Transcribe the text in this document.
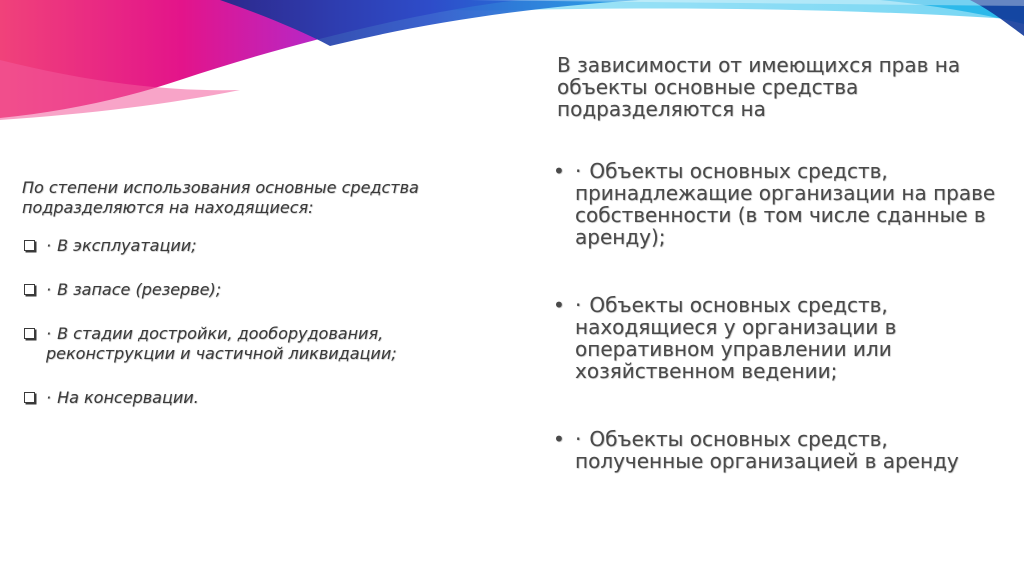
По степени использования основные средства подразделяются на находящиеся:

· В эксплуатации;
· В запасе (резерве);
· В стадии достройки, дооборудования, реконструкции и частичной ликвидации;
· На консервации.

В зависимости от имеющихся прав на объекты основные средства подразделяются на

• · Объекты основных средств, принадлежащие организации на праве собственности (в том числе сданные в аренду);
• · Объекты основных средств, находящиеся у организации в оперативном управлении или хозяйственном ведении;
• · Объекты основных средств, полученные организацией в аренду
